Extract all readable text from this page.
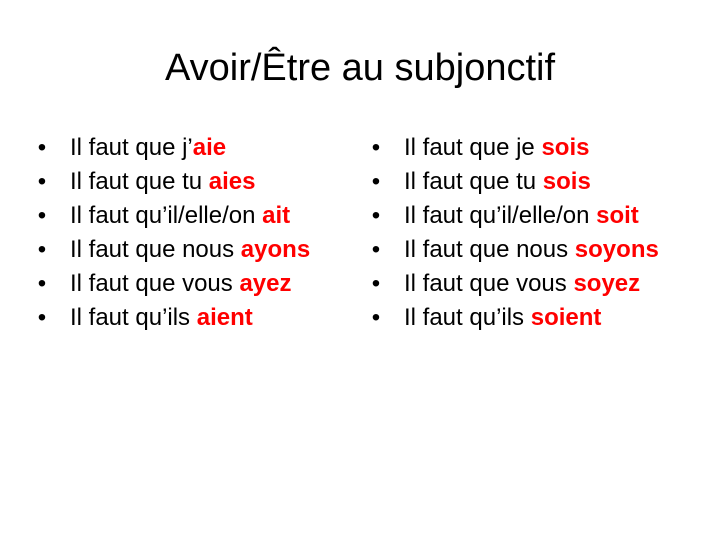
Avoir/Être au subjonctif
• Il faut que j’aie
• Il faut que tu aies
• Il faut qu’il/elle/on ait
• Il faut que nous ayons
• Il faut que vous ayez
• Il faut qu’ils aient
• Il faut que je sois
• Il faut que tu sois
• Il faut qu’il/elle/on soit
• Il faut que nous soyons
• Il faut que vous soyez
• Il faut qu’ils soient
